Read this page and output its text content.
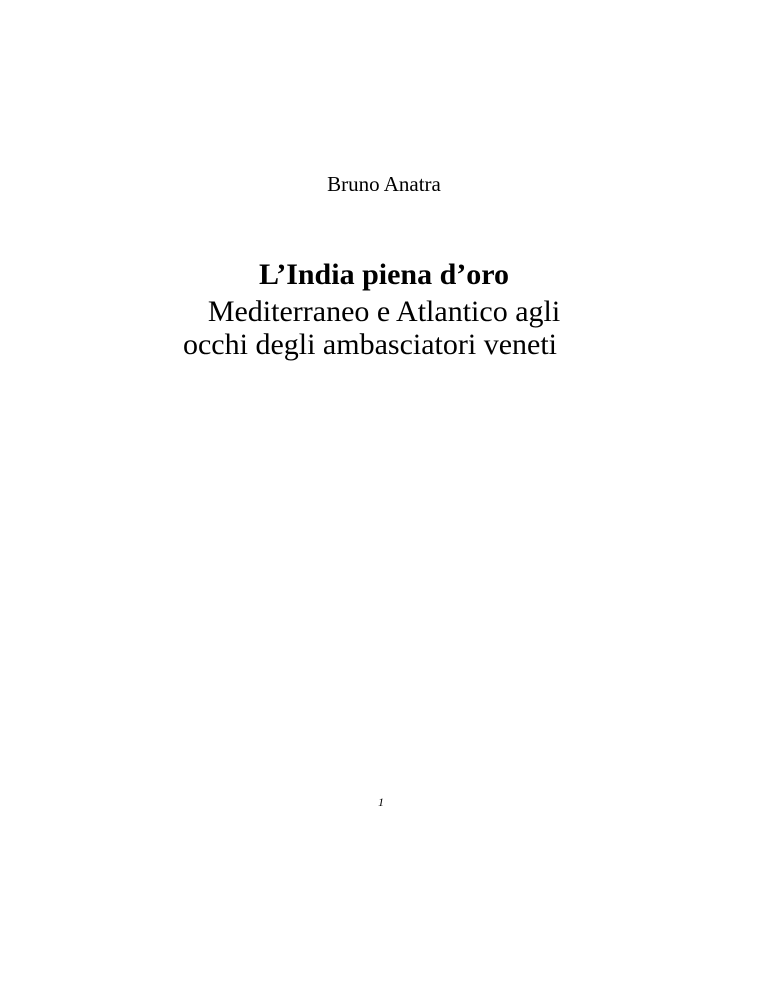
Bruno Anatra
L’India piena d’oro
Mediterraneo e Atlantico agli
occhi degli ambasciatori veneti
1
